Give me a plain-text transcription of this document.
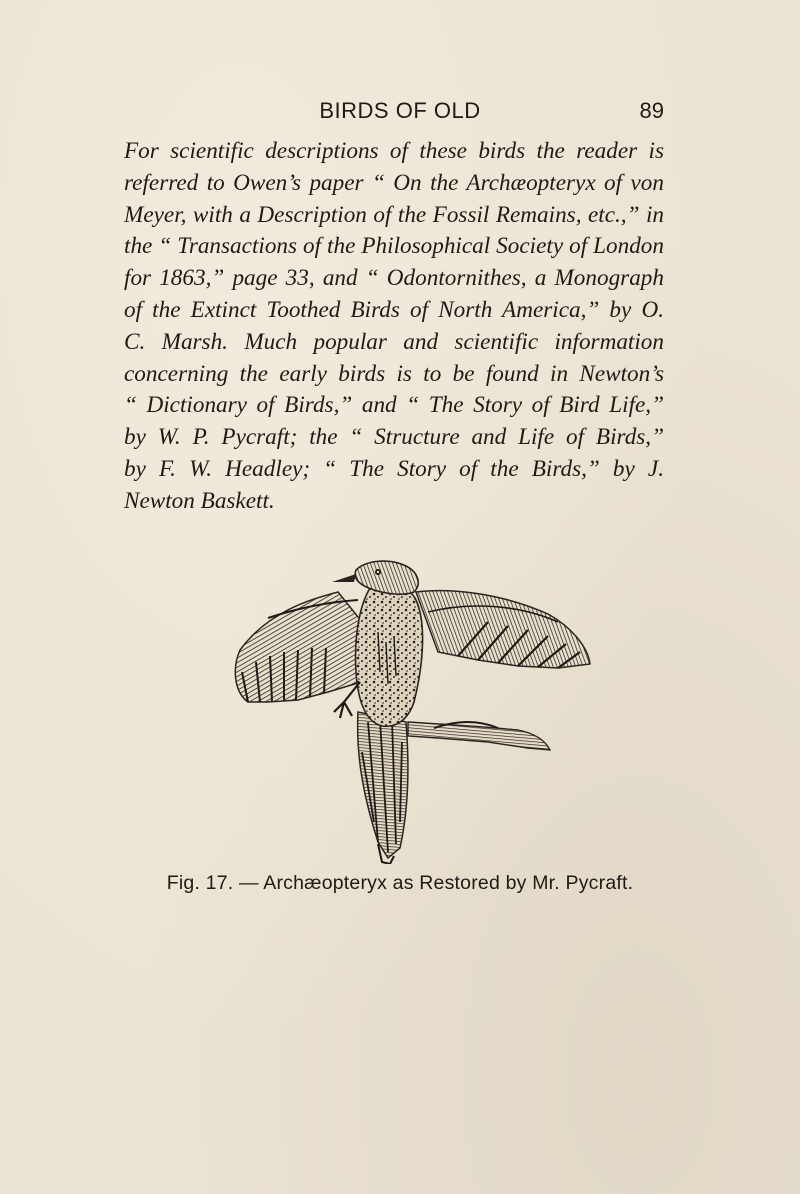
BIRDS OF OLD	89

For scientific descriptions of these birds the reader is
referred to Owen’s paper “ On the Archæopteryx of von
Meyer, with a Description of the Fossil Remains, etc.,” in
the “ Transactions of the Philosophical Society of London
for 1863,” page 33, and “ Odontornithes, a Monograph
of the Extinct Toothed Birds of North America,” by O.
C. Marsh. Much popular and scientific information
concerning the early birds is to be found in Newton’s
“ Dictionary of Birds,” and “ The Story of Bird Life,”
by W. P. Pycraft; the “ Structure and Life of Birds,”
by F. W. Headley; “ The Story of the Birds,” by J.
Newton Baskett.

Fig. 17. — Archæopteryx as Restored by Mr. Pycraft.
